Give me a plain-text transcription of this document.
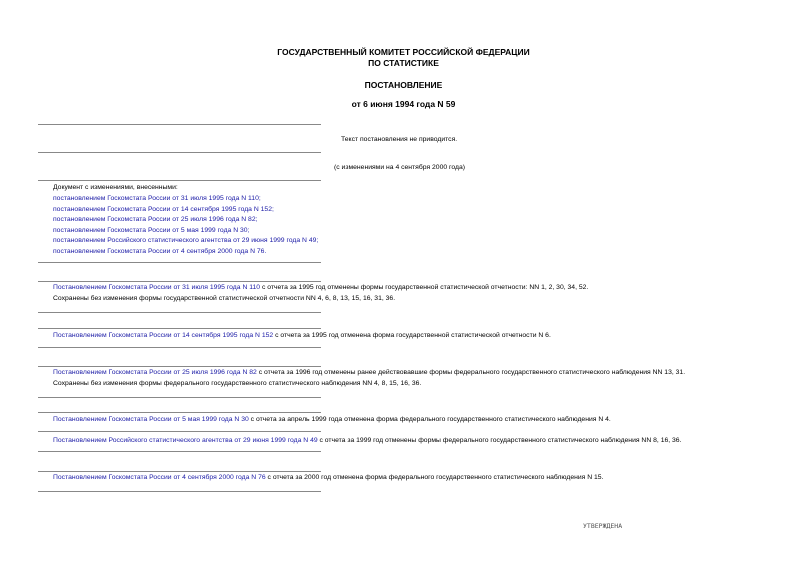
ГОСУДАРСТВЕННЫЙ КОМИТЕТ РОССИЙСКОЙ ФЕДЕРАЦИИ
ПО СТАТИСТИКЕ
ПОСТАНОВЛЕНИЕ
от 6 июня 1994 года N 59
Текст постановления не приводится.
(с изменениями на 4 сентября 2000 года)
Документ с изменениями, внесенными:
постановлением Госкомстата России от 31 июля 1995 года N 110;
постановлением Госкомстата России от 14 сентября 1995 года N 152;
постановлением Госкомстата России от 25 июля 1996 года N 82;
постановлением Госкомстата России от 5 мая 1999 года N 30;
постановлением Российского статистического агентства от 29 июня 1999 года N 49;
постановлением Госкомстата России от 4 сентября 2000 года N 76.
Постановлением Госкомстата России от 31 июля 1995 года N 110 с отчета за 1995 год отменены формы государственной статистической отчетности: NN 1, 2, 30, 34, 52.
Сохранены без изменения формы государственной статистической отчетности NN 4, 6, 8, 13, 15, 16, 31, 36.
Постановлением Госкомстата России от 14 сентября 1995 года N 152 с отчета за 1995 год отменена форма государственной статистической отчетности N 6.
Постановлением Госкомстата России от 25 июля 1996 года N 82 с отчета за 1996 год отменены ранее действовавшие формы федерального государственного статистического наблюдения NN 13, 31.
Сохранены без изменения формы федерального государственного статистического наблюдения NN 4, 8, 15, 16, 36.
Постановлением Госкомстата России от 5 мая 1999 года N 30 с отчета за апрель 1999 года отменена форма федерального государственного статистического наблюдения N 4.
Постановлением Российского статистического агентства от 29 июня 1999 года N 49 с отчета за 1999 год отменены формы федерального государственного статистического наблюдения NN 8, 16, 36.
Постановлением Госкомстата России от 4 сентября 2000 года N 76 с отчета за 2000 год отменена форма федерального государственного статистического наблюдения N 15.
УТВЕРЖДЕНА
